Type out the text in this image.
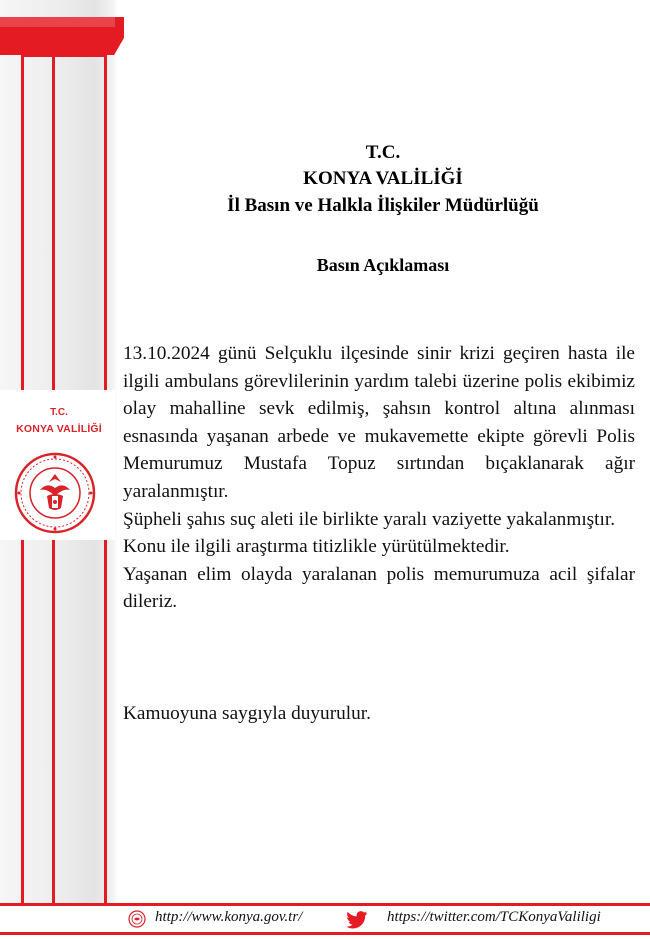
T.C.
KONYA VALİLİĞİ
T.C.
KONYA VALİLİĞİ
İl Basın ve Halkla İlişkiler Müdürlüğü
Basın Açıklaması

13.10.2024 günü Selçuklu ilçesinde sinir krizi geçiren hasta ile ilgili ambulans görevlilerinin yardım talebi üzerine polis ekibimiz olay mahalline sevk edilmiş, şahsın kontrol altına alınması esnasında yaşanan arbede ve mukavemette ekipte görevli Polis Memurumuz Mustafa Topuz sırtından bıçaklanarak ağır yaralanmıştır.

Şüpheli şahıs suç aleti ile birlikte yaralı vaziyette yakalanmıştır.

Konu ile ilgili araştırma titizlikle yürütülmektedir.

Yaşanan elim olayda yaralanan polis memurumuza acil şifalar dileriz.

Kamuoyuna saygıyla duyurulur.
http://www.konya.gov.tr/	https://twitter.com/TCKonyaValiligi
